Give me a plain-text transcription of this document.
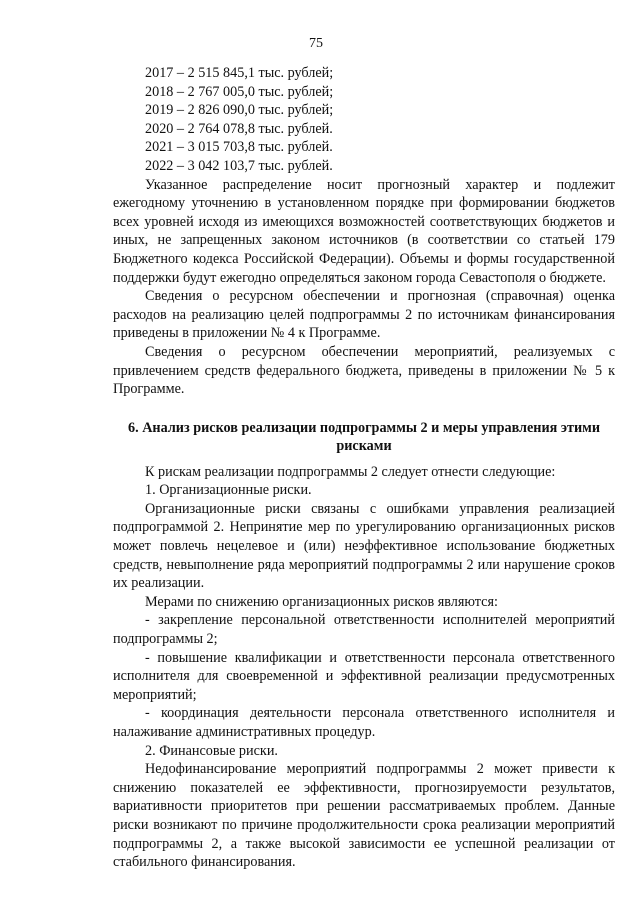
75
2017 – 2 515 845,1 тыс. рублей;
2018 – 2 767 005,0 тыс. рублей;
2019 – 2 826 090,0 тыс. рублей;
2020 – 2 764 078,8 тыс. рублей.
2021 – 3 015 703,8 тыс. рублей.
2022 – 3 042 103,7 тыс. рублей.

Указанное распределение носит прогнозный характер и подлежит ежегодному уточнению в установленном порядке при формировании бюджетов всех уровней исходя из имеющихся возможностей соответствующих бюджетов и иных, не запрещенных законом источников (в соответствии со статьей 179 Бюджетного кодекса Российской Федерации). Объемы и формы государственной поддержки будут ежегодно определяться законом города Севастополя о бюджете.

Сведения о ресурсном обеспечении и прогнозная (справочная) оценка расходов на реализацию целей подпрограммы 2 по источникам финансирования приведены в приложении № 4 к Программе.

Сведения о ресурсном обеспечении мероприятий, реализуемых с привлечением средств федерального бюджета, приведены в приложении № 5 к Программе.

6. Анализ рисков реализации подпрограммы 2 и меры управления этими рисками

К рискам реализации подпрограммы 2 следует отнести следующие:

1. Организационные риски.

Организационные риски связаны с ошибками управления реализацией подпрограммой 2. Непринятие мер по урегулированию организационных рисков может повлечь нецелевое и (или) неэффективное использование бюджетных средств, невыполнение ряда мероприятий подпрограммы 2 или нарушение сроков их реализации.

Мерами по снижению организационных рисков являются:

- закрепление персональной ответственности исполнителей мероприятий подпрограммы 2;

- повышение квалификации и ответственности персонала ответственного исполнителя для своевременной и эффективной реализации предусмотренных мероприятий;

- координация деятельности персонала ответственного исполнителя и налаживание административных процедур.

2. Финансовые риски.

Недофинансирование мероприятий подпрограммы 2 может привести к снижению показателей ее эффективности, прогнозируемости результатов, вариативности приоритетов при решении рассматриваемых проблем. Данные риски возникают по причине продолжительности срока реализации мероприятий подпрограммы 2, а также высокой зависимости ее успешной реализации от стабильного финансирования.
